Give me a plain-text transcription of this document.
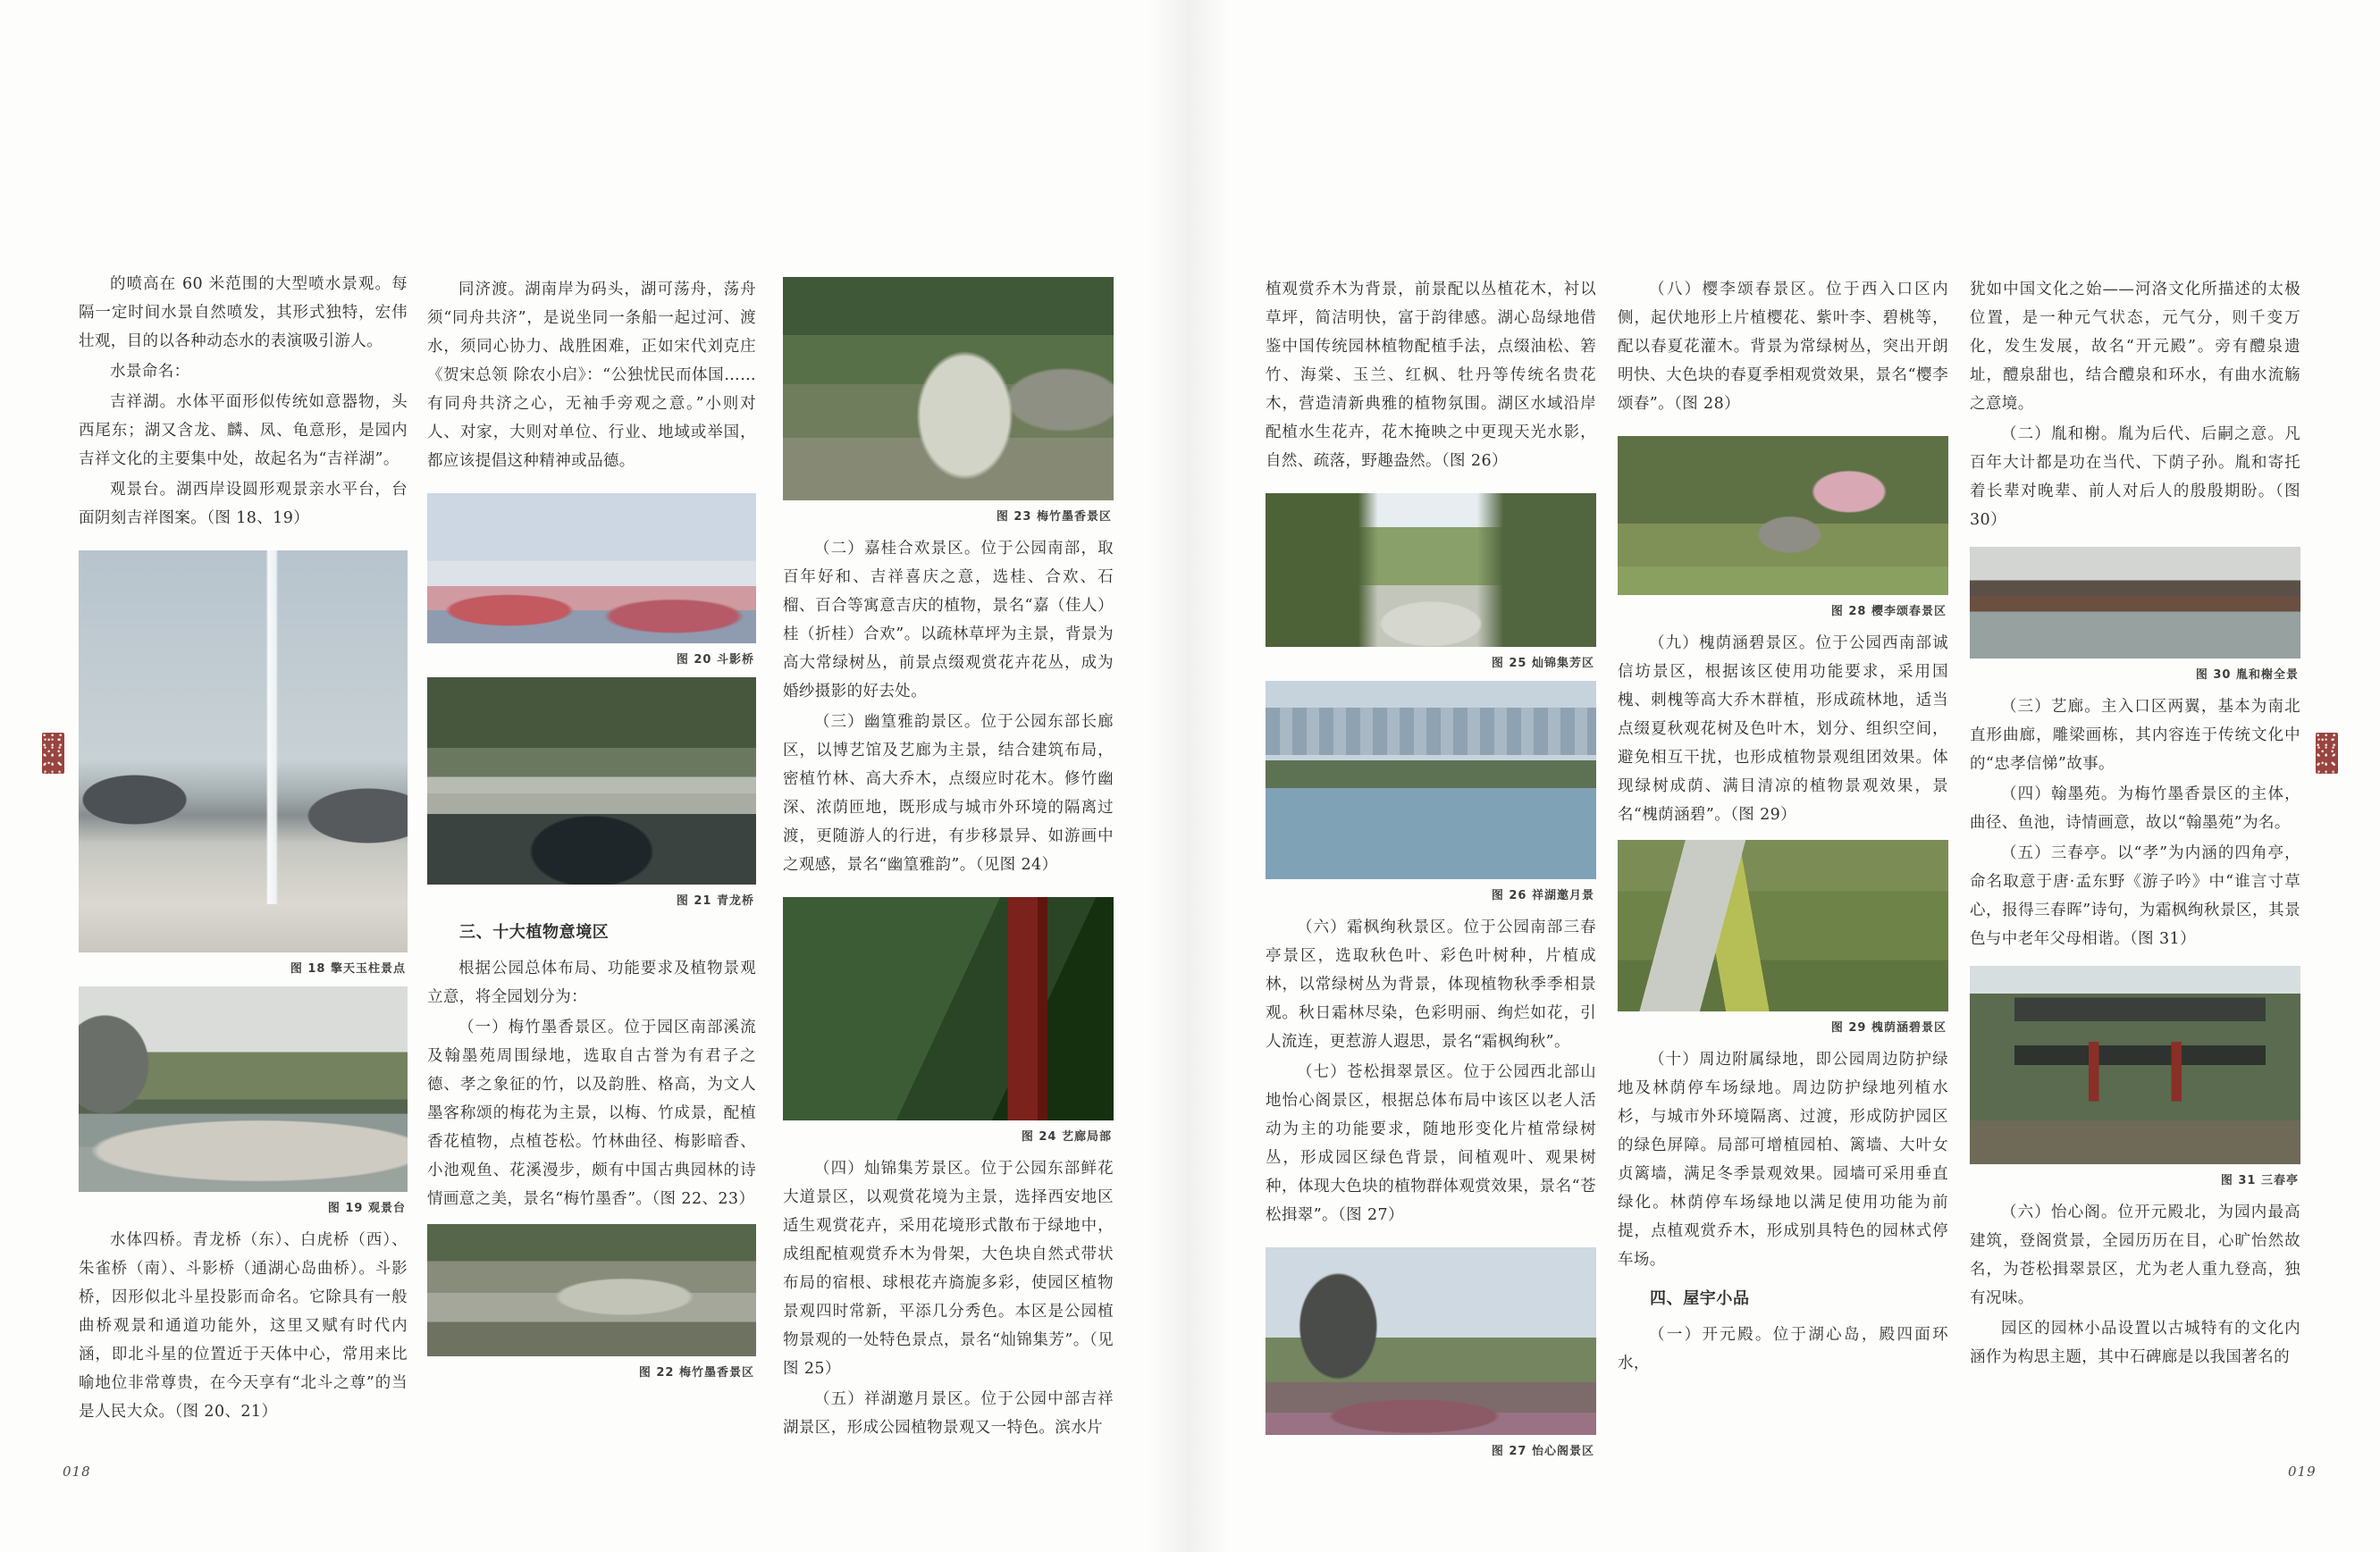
的喷高在 60 米范围的大型喷水景观。每隔一定时间水景自然喷发，其形式独特，宏伟壮观，目的以各种动态水的表演吸引游人。

水景命名：

吉祥湖。水体平面形似传统如意器物，头西尾东；湖又含龙、麟、凤、龟意形，是园内吉祥文化的主要集中处，故起名为“吉祥湖”。

观景台。湖西岸设圆形观景亲水平台，台面阴刻吉祥图案。（图 18、19）

图 18 擎天玉柱景点
图 19 观景台

水体四桥。青龙桥（东）、白虎桥（西）、朱雀桥（南）、斗影桥（通湖心岛曲桥）。斗影桥，因形似北斗星投影而命名。它除具有一般曲桥观景和通道功能外，这里又赋有时代内涵，即北斗星的位置近于天体中心，常用来比喻地位非常尊贵，在今天享有“北斗之尊”的当是人民大众。（图 20、21）

同济渡。湖南岸为码头，湖可荡舟，荡舟须“同舟共济”，是说坐同一条船一起过河、渡水，须同心协力、战胜困难，正如宋代刘克庄《贺宋总领 除农小启》：“公独忧民而体国……有同舟共济之心，无袖手旁观之意。”小则对人、对家，大则对单位、行业、地域或举国，都应该提倡这种精神或品德。

图 20 斗影桥
图 21 青龙桥
三、十大植物意境区

根据公园总体布局、功能要求及植物景观立意，将全园划分为：

（一）梅竹墨香景区。位于园区南部溪流及翰墨苑周围绿地，选取自古誉为有君子之德、孝之象征的竹，以及韵胜、格高，为文人墨客称颂的梅花为主景，以梅、竹成景，配植香花植物，点植苍松。竹林曲径、梅影暗香、小池观鱼、花溪漫步，颇有中国古典园林的诗情画意之美，景名“梅竹墨香”。（图 22、23）

图 22 梅竹墨香景区
图 23 梅竹墨香景区

（二）嘉桂合欢景区。位于公园南部，取百年好和、吉祥喜庆之意，选桂、合欢、石榴、百合等寓意吉庆的植物，景名“嘉（佳人）桂（折桂）合欢”。以疏林草坪为主景，背景为高大常绿树丛，前景点缀观赏花卉花丛，成为婚纱摄影的好去处。

（三）幽篁雅韵景区。位于公园东部长廊区，以博艺馆及艺廊为主景，结合建筑布局，密植竹林、高大乔木，点缀应时花木。修竹幽深、浓荫匝地，既形成与城市外环境的隔离过渡，更随游人的行进，有步移景异、如游画中之观感，景名“幽篁雅韵”。（见图 24）

图 24 艺廊局部

（四）灿锦集芳景区。位于公园东部鲜花大道景区，以观赏花境为主景，选择西安地区适生观赏花卉，采用花境形式散布于绿地中，成组配植观赏乔木为骨架，大色块自然式带状布局的宿根、球根花卉旖旎多彩，使园区植物景观四时常新，平添几分秀色。本区是公园植物景观的一处特色景点，景名“灿锦集芳”。（见图 25）

（五）祥湖邀月景区。位于公园中部吉祥湖景区，形成公园植物景观又一特色。滨水片

植观赏乔木为背景，前景配以丛植花木，衬以草坪，简洁明快，富于韵律感。湖心岛绿地借鉴中国传统园林植物配植手法，点缀油松、箬竹、海棠、玉兰、红枫、牡丹等传统名贵花木，营造清新典雅的植物氛围。湖区水域沿岸配植水生花卉，花木掩映之中更现天光水影，自然、疏落，野趣盎然。（图 26）

图 25 灿锦集芳区
图 26 祥湖邀月景

（六）霜枫绚秋景区。位于公园南部三春亭景区，选取秋色叶、彩色叶树种，片植成林，以常绿树丛为背景，体现植物秋季季相景观。秋日霜林尽染，色彩明丽、绚烂如花，引人流连，更惹游人遐思，景名“霜枫绚秋”。

（七）苍松揖翠景区。位于公园西北部山地怡心阁景区，根据总体布局中该区以老人活动为主的功能要求，随地形变化片植常绿树丛，形成园区绿色背景，间植观叶、观果树种，体现大色块的植物群体观赏效果，景名“苍松揖翠”。（图 27）

图 27 怡心阁景区

（八）樱李颂春景区。位于西入口区内侧，起伏地形上片植樱花、紫叶李、碧桃等，配以春夏花灌木。背景为常绿树丛，突出开朗明快、大色块的春夏季相观赏效果，景名“樱李颂春”。（图 28）

图 28 樱李颂春景区

（九）槐荫涵碧景区。位于公园西南部诚信坊景区，根据该区使用功能要求，采用国槐、刺槐等高大乔木群植，形成疏林地，适当点缀夏秋观花树及色叶木，划分、组织空间，避免相互干扰，也形成植物景观组团效果。体现绿树成荫、满目清凉的植物景观效果，景名“槐荫涵碧”。（图 29）

图 29 槐荫涵碧景区

（十）周边附属绿地，即公园周边防护绿地及林荫停车场绿地。周边防护绿地列植水杉，与城市外环境隔离、过渡，形成防护园区的绿色屏障。局部可增植园柏、篱墙、大叶女贞篱墙，满足冬季景观效果。园墙可采用垂直绿化。林荫停车场绿地以满足使用功能为前提，点植观赏乔木，形成别具特色的园林式停车场。

四、屋宇小品

（一）开元殿。位于湖心岛，殿四面环水，

犹如中国文化之始——河洛文化所描述的太极位置，是一种元气状态，元气分，则千变万化，发生发展，故名“开元殿”。旁有醴泉遗址，醴泉甜也，结合醴泉和环水，有曲水流觞之意境。

（二）胤和榭。胤为后代、后嗣之意。凡百年大计都是功在当代、下荫子孙。胤和寄托着长辈对晚辈、前人对后人的殷殷期盼。（图 30）

图 30 胤和榭全景

（三）艺廊。主入口区两翼，基本为南北直形曲廊，雕梁画栋，其内容连于传统文化中的“忠孝信悌”故事。

（四）翰墨苑。为梅竹墨香景区的主体，曲径、鱼池，诗情画意，故以“翰墨苑”为名。

（五）三春亭。以“孝”为内涵的四角亭，命名取意于唐·孟东野《游子吟》中“谁言寸草心，报得三春晖”诗句，为霜枫绚秋景区，其景色与中老年父母相谐。（图 31）

图 31 三春亭

（六）怡心阁。位开元殿北，为园内最高建筑，登阁赏景，全园历历在目，心旷怡然故名，为苍松揖翠景区，尤为老人重九登高，独有况味。

园区的园林小品设置以古城特有的文化内涵作为构思主题，其中石碑廊是以我国著名的

018	019
